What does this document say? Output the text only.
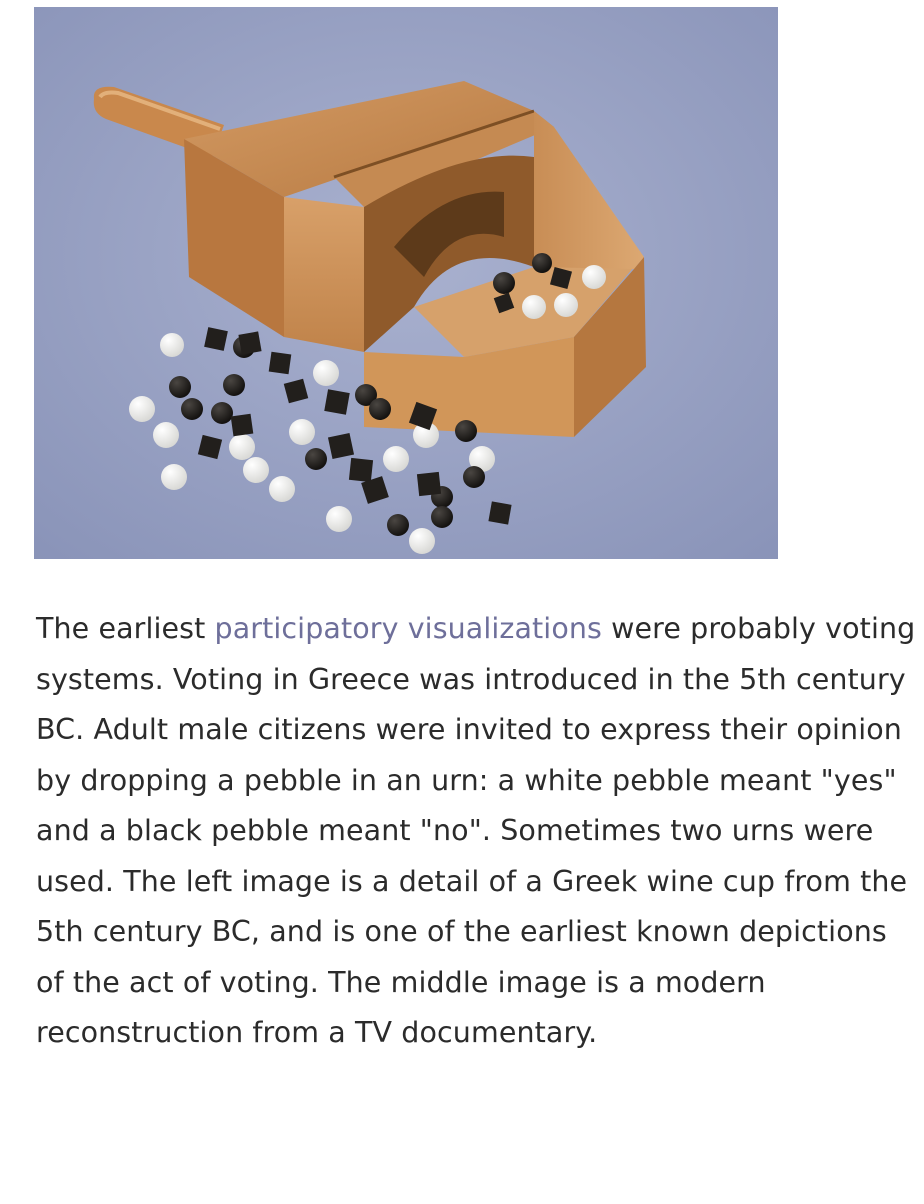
The earliest participatory visualizations were probably voting systems. Voting in Greece was introduced in the 5th century BC. Adult male citizens were invited to express their opinion by dropping a pebble in an urn: a white pebble meant "yes" and a black pebble meant "no". Sometimes two urns were used. The left image is a detail of a Greek wine cup from the 5th century BC, and is one of the earliest known depictions of the act of voting. The middle image is a modern reconstruction from a TV documentary.
